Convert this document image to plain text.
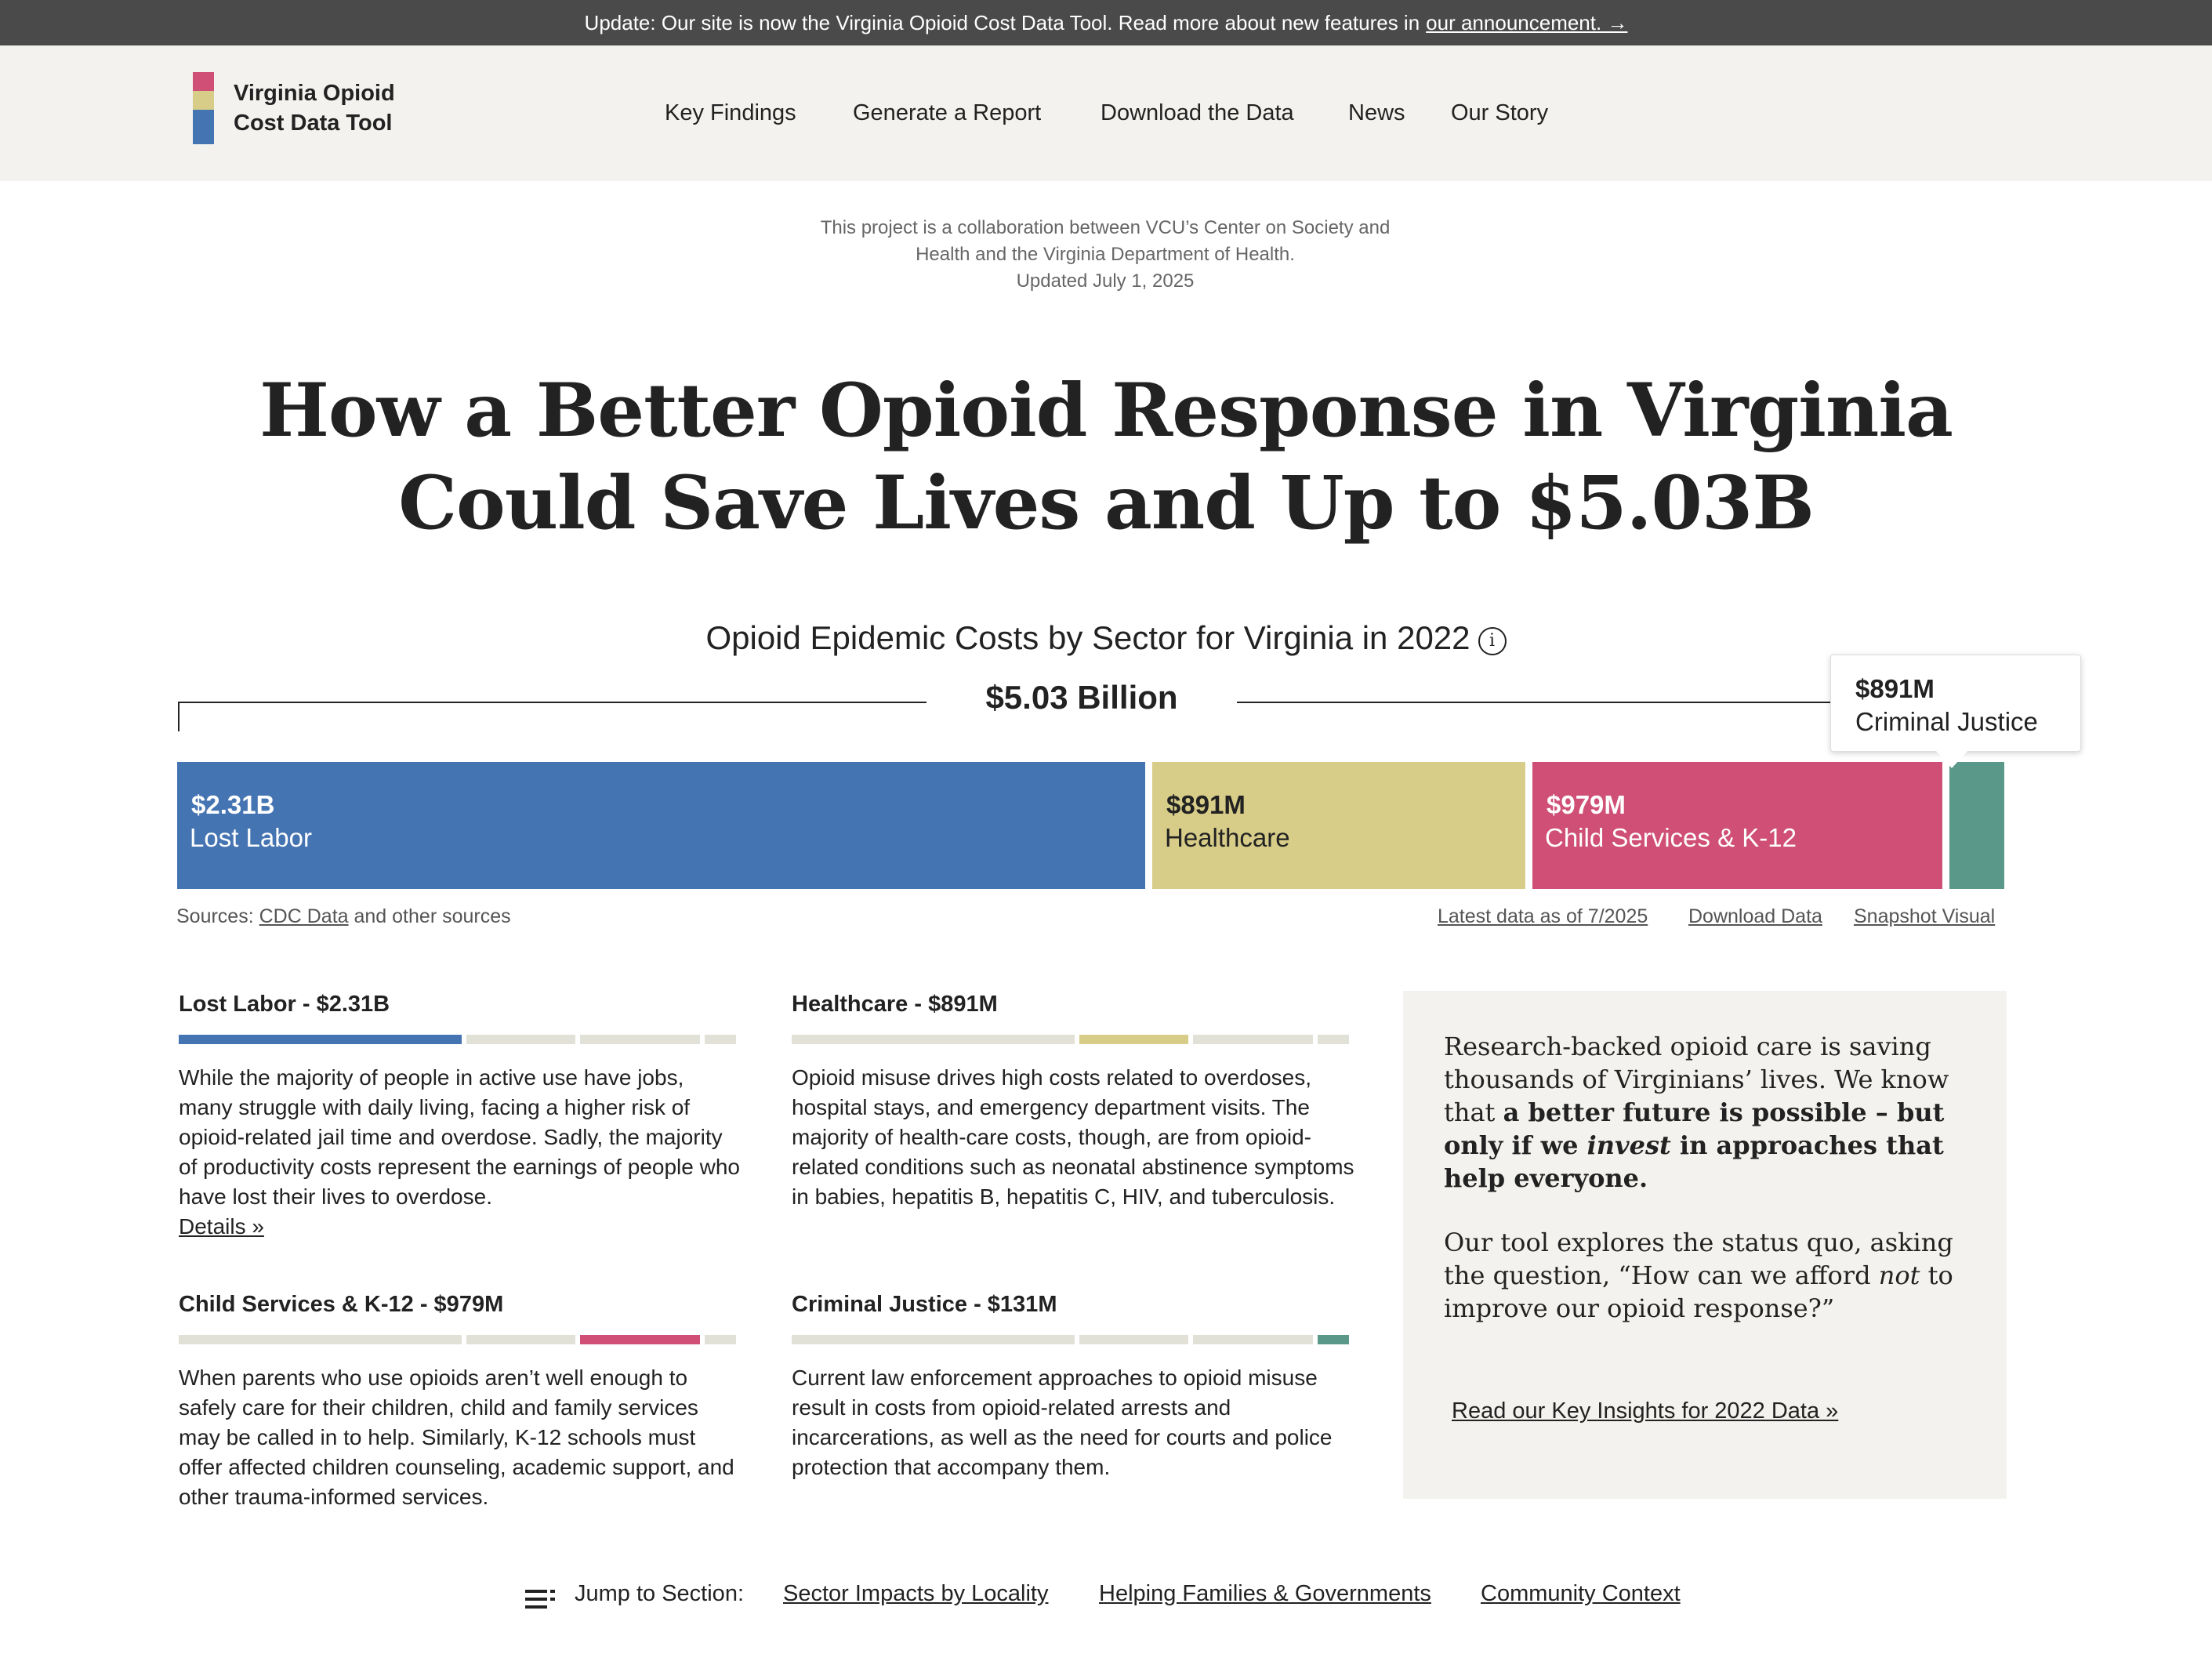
Update: Our site is now the Virginia Opioid Cost Data Tool. Read more about new features in our announcement. →
Virginia Opioid
Cost Data Tool	Key Findings Generate a Report	Download the Data News Our Story
This project is a collaboration between VCU’s Center on Society and
Health and the Virginia Department of Health.
Updated July 1, 2025
How a Better Opioid Response in Virginia
Could Save Lives and Up to $5.03B
Opioid Epidemic Costs by Sector for Virginia in 2022 i
$5.03 Billion
$2.31B
Lost Labor
$891M
Healthcare
$979M
Child Services & K-12
$891M
Criminal Justice
Sources: CDC Data and other sources	Latest data as of 7/2025 Download Data Snapshot Visual
Lost Labor - $2.31B

While the majority of people in active use have jobs, many struggle with daily living, facing a higher risk of opioid-related jail time and overdose. Sadly, the majority of productivity costs represent the earnings of people who have lost their lives to overdose.
Details »

Healthcare - $891M

Opioid misuse drives high costs related to overdoses, hospital stays, and emergency department visits. The majority of health-care costs, though, are from opioid-related conditions such as neonatal abstinence symptoms in babies, hepatitis B, hepatitis C, HIV, and tuberculosis.

Child Services & K-12 - $979M

When parents who use opioids aren’t well enough to safely care for their children, child and family services may be called in to help. Similarly, K-12 schools must offer affected children counseling, academic support, and other trauma-informed services.

Criminal Justice - $131M

Current law enforcement approaches to opioid misuse result in costs from opioid-related arrests and incarcerations, as well as the need for courts and police protection that accompany them.

Research-backed opioid care is saving thousands of Virginians’ lives. We know that a better future is possible – but only if we invest in approaches that help everyone.
Our tool explores the status quo, asking the question, “How can we afford not to improve our opioid response?”
Read our Key Insights for 2022 Data »
Jump to Section: Sector Impacts by Locality Helping Families & Governments Community Context
